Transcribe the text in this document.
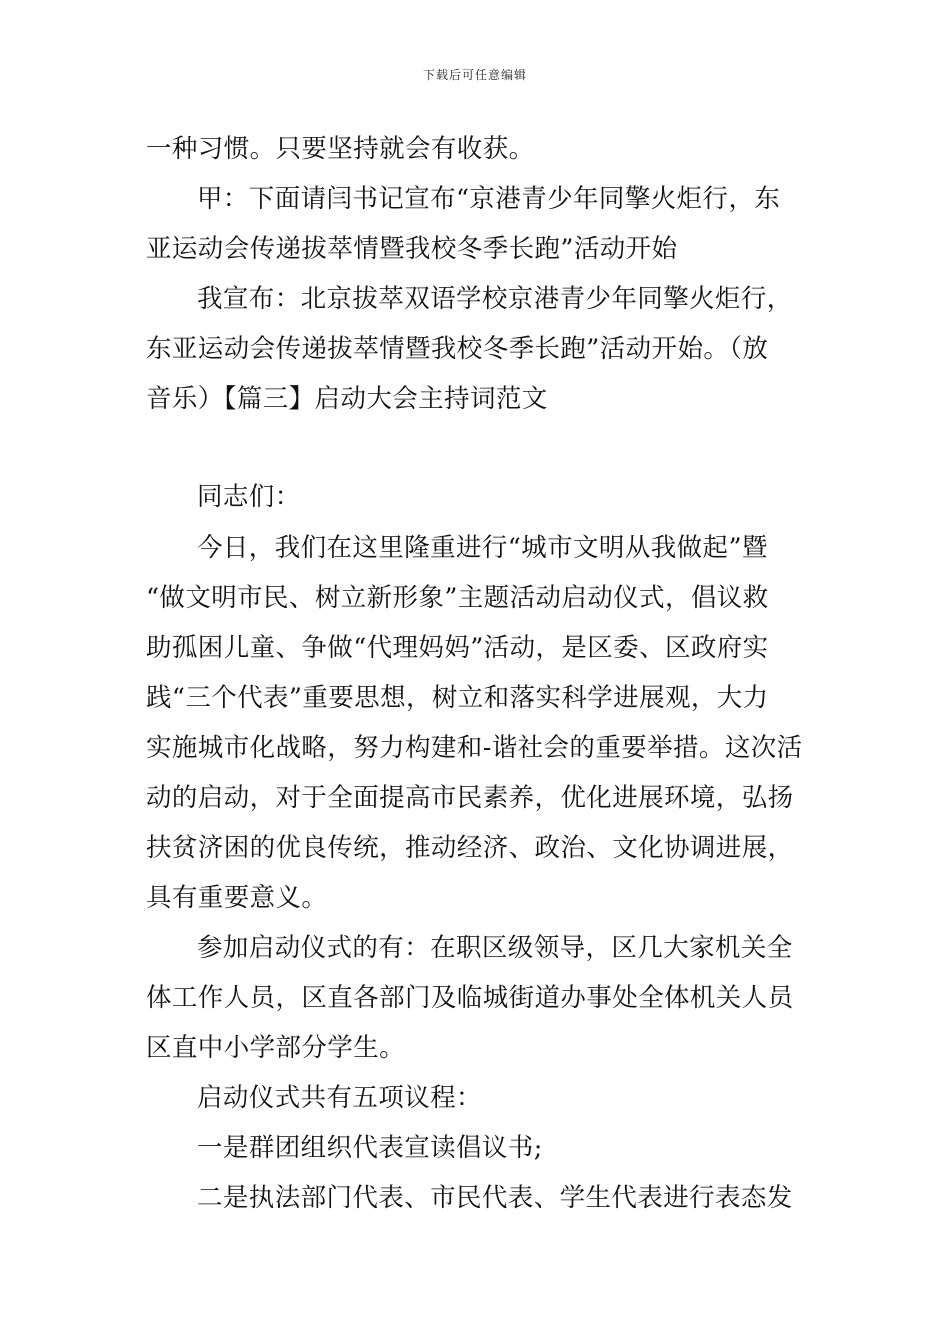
下载后可任意编辑
一种习惯。只要坚持就会有收获。
甲：下面请闫书记宣布“京港青少年同擎火炬行，东
亚运动会传递拔萃情暨我校冬季长跑”活动开始
我宣布：北京拔萃双语学校京港青少年同擎火炬行，
东亚运动会传递拔萃情暨我校冬季长跑”活动开始。（放
音乐）【篇三】启动大会主持词范文
同志们：
今日，我们在这里隆重进行“城市文明从我做起”暨
“做文明市民、树立新形象”主题活动启动仪式，倡议救
助孤困儿童、争做“代理妈妈”活动，是区委、区政府实
践“三个代表”重要思想，树立和落实科学进展观，大力
实施城市化战略，努力构建和-谐社会的重要举措。这次活
动的启动，对于全面提高市民素养，优化进展环境，弘扬
扶贫济困的优良传统，推动经济、政治、文化协调进展，
具有重要意义。
参加启动仪式的有：在职区级领导，区几大家机关全
体工作人员，区直各部门及临城街道办事处全体机关人员
区直中小学部分学生。
启动仪式共有五项议程：
一是群团组织代表宣读倡议书;
二是执法部门代表、市民代表、学生代表进行表态发
